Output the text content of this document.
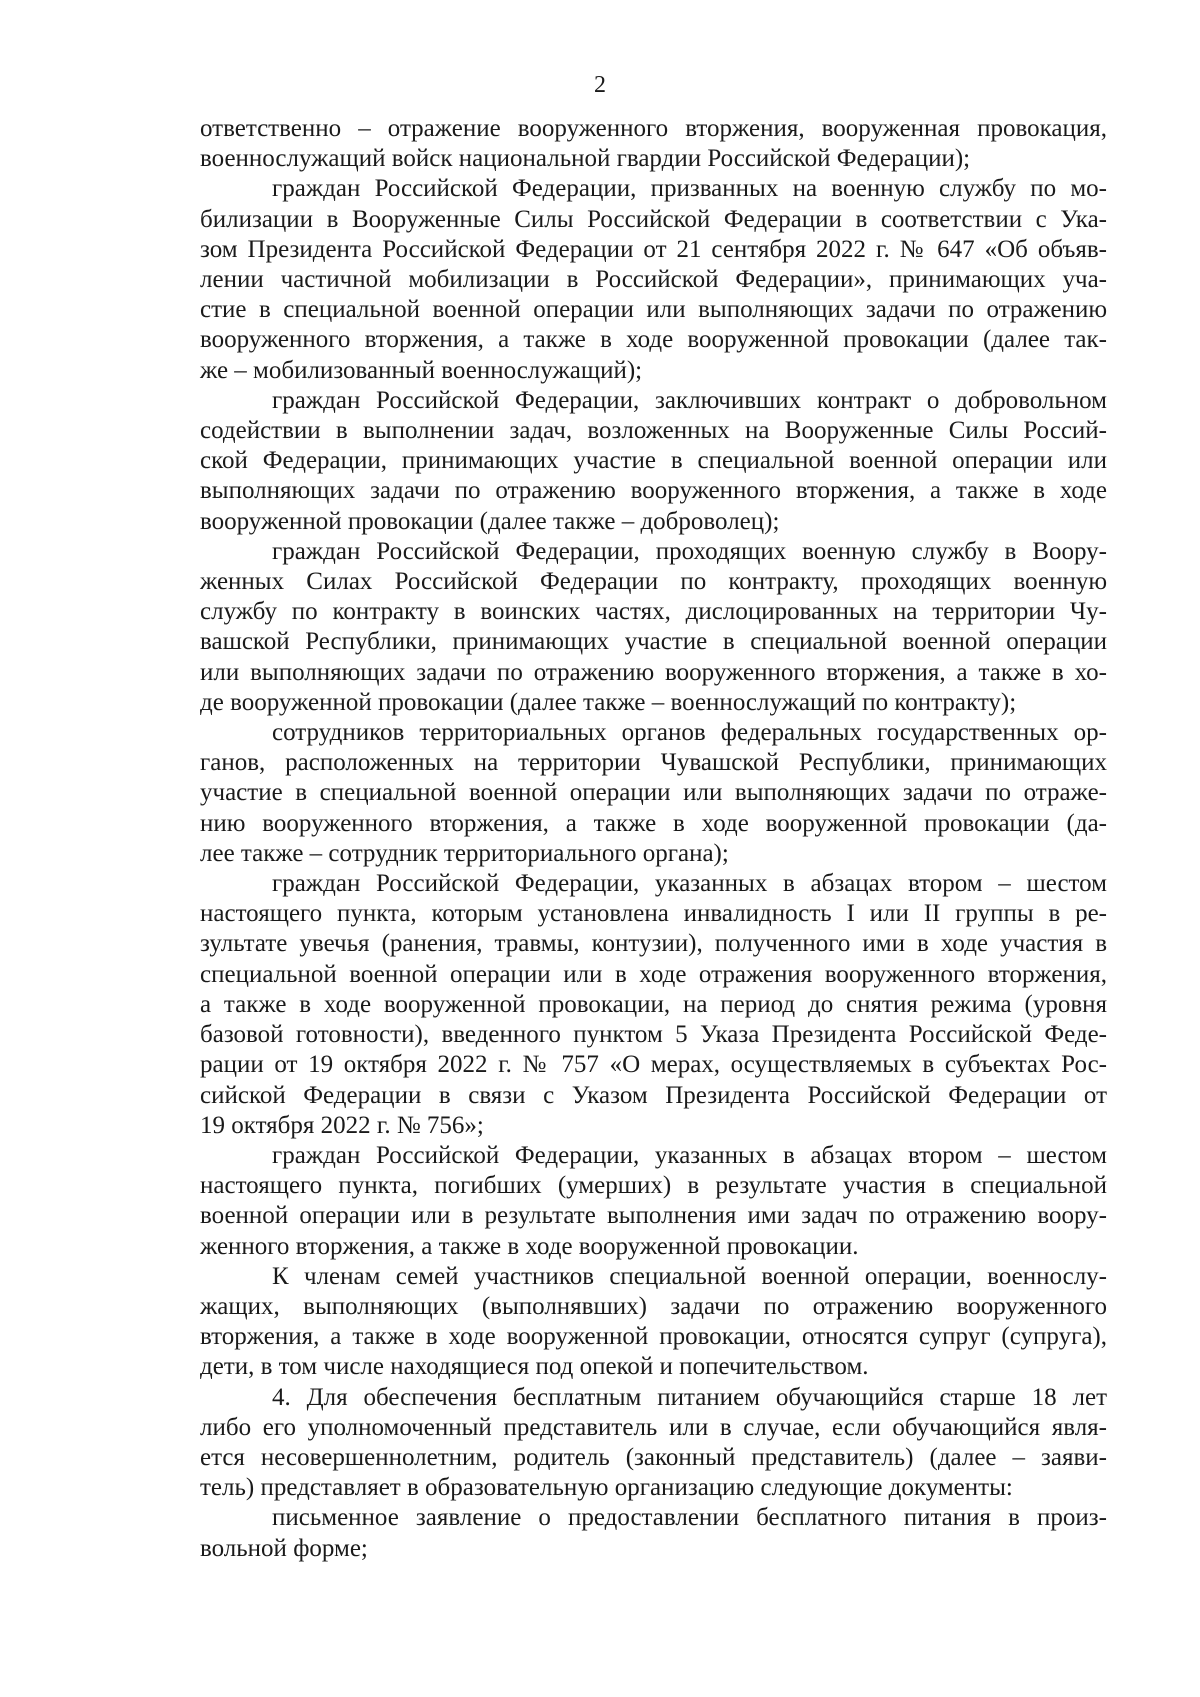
2
ответственно – отражение вооруженного вторжения, вооруженная провокация,
военнослужащий войск национальной гвардии Российской Федерации);
граждан Российской Федерации, призванных на военную службу по мо-
билизации в Вооруженные Силы Российской Федерации в соответствии с Ука-
зом Президента Российской Федерации от 21 сентября 2022 г. № 647 «Об объяв-
лении частичной мобилизации в Российской Федерации», принимающих уча-
стие в специальной военной операции или выполняющих задачи по отражению
вооруженного вторжения, а также в ходе вооруженной провокации (далее так-
же – мобилизованный военнослужащий);
граждан Российской Федерации, заключивших контракт о добровольном
содействии в выполнении задач, возложенных на Вооруженные Силы Россий-
ской Федерации, принимающих участие в специальной военной операции или
выполняющих задачи по отражению вооруженного вторжения, а также в ходе
вооруженной провокации (далее также – доброволец);
граждан Российской Федерации, проходящих военную службу в Воору-
женных Силах Российской Федерации по контракту, проходящих военную
службу по контракту в воинских частях, дислоцированных на территории Чу-
вашской Республики, принимающих участие в специальной военной операции
или выполняющих задачи по отражению вооруженного вторжения, а также в хо-
де вооруженной провокации (далее также – военнослужащий по контракту);
сотрудников территориальных органов федеральных государственных ор-
ганов, расположенных на территории Чувашской Республики, принимающих
участие в специальной военной операции или выполняющих задачи по отраже-
нию вооруженного вторжения, а также в ходе вооруженной провокации (да-
лее также – сотрудник территориального органа);
граждан Российской Федерации, указанных в абзацах втором – шестом
настоящего пункта, которым установлена инвалидность I или II группы в ре-
зультате увечья (ранения, травмы, контузии), полученного ими в ходе участия в
специальной военной операции или в ходе отражения вооруженного вторжения,
а также в ходе вооруженной провокации, на период до снятия режима (уровня
базовой готовности), введенного пунктом 5 Указа Президента Российской Феде-
рации от 19 октября 2022 г. № 757 «О мерах, осуществляемых в субъектах Рос-
сийской Федерации в связи с Указом Президента Российской Федерации от
19 октября 2022 г. № 756»;
граждан Российской Федерации, указанных в абзацах втором – шестом
настоящего пункта, погибших (умерших) в результате участия в специальной
военной операции или в результате выполнения ими задач по отражению воору-
женного вторжения, а также в ходе вооруженной провокации.
К членам семей участников специальной военной операции, военнослу-
жащих, выполняющих (выполнявших) задачи по отражению вооруженного
вторжения, а также в ходе вооруженной провокации, относятся супруг (супруга),
дети, в том числе находящиеся под опекой и попечительством.
4. Для обеспечения бесплатным питанием обучающийся старше 18 лет
либо его уполномоченный представитель или в случае, если обучающийся явля-
ется несовершеннолетним, родитель (законный представитель) (далее – заяви-
тель) представляет в образовательную организацию следующие документы:
письменное заявление о предоставлении бесплатного питания в произ-
вольной форме;
